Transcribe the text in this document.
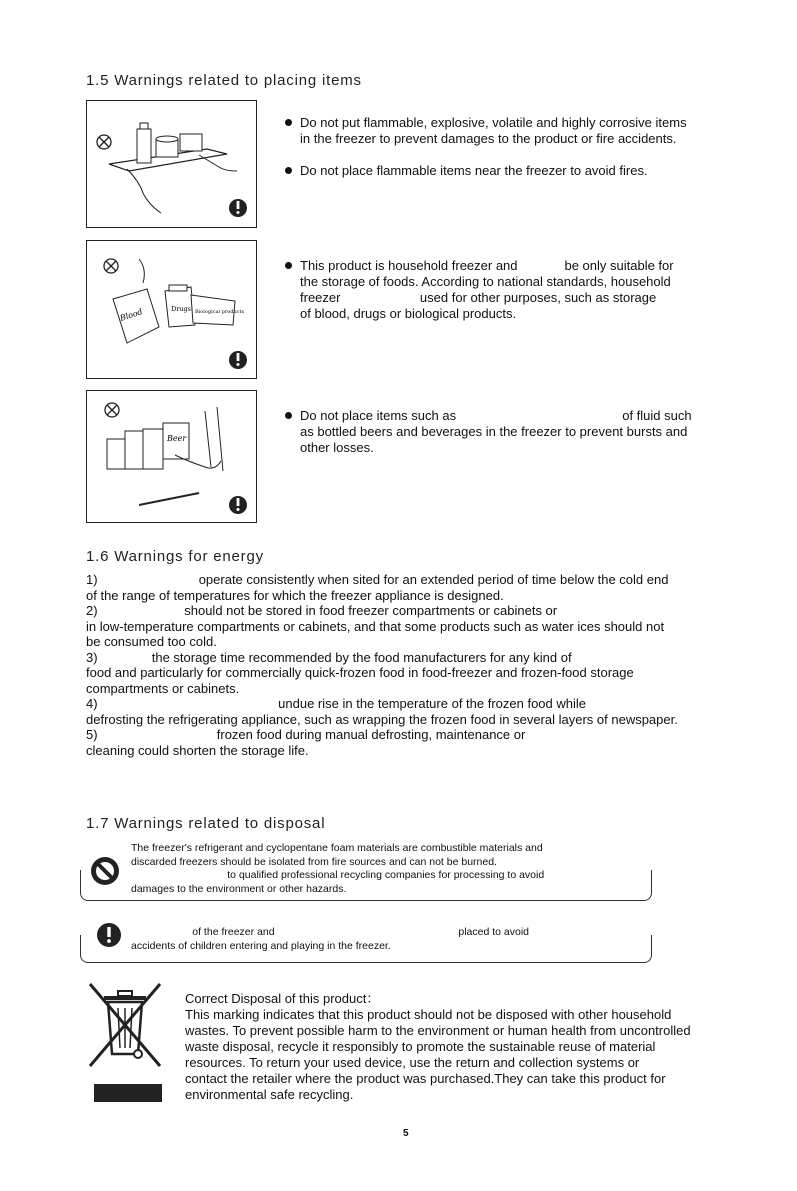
1.5 Warnings related to placing items
Do not put flammable, explosive, volatile and highly corrosive items
in the freezer to prevent damages to the product or fire accidents.
Do not place flammable items near the freezer to avoid fires.
Blood	Drugs Biological products
This product is household freezer and             be only suitable for
the storage of foods. According to national standards, household
freezer                      used for other purposes, such as storage
of blood, drugs or biological products.
Beer
Do not place items such as                                              of fluid such
as bottled beers and beverages in the freezer to prevent bursts and
other losses.
1.6 Warnings for energy
1)                            operate consistently when sited for an extended period of time below the cold end
of the range of temperatures for which the freezer appliance is designed.
2)                        should not be stored in food freezer compartments or cabinets or
in low-temperature compartments or cabinets, and that some products such as water ices should not
be consumed too cold.
3)               the storage time recommended by the food manufacturers for any kind of
food and particularly for commercially quick-frozen food in food-freezer and frozen-food storage
compartments or cabinets.
4)                                                  undue rise in the temperature of the frozen food while
defrosting the refrigerating appliance, such as wrapping the frozen food in several layers of newspaper.
5)                                 frozen food during manual defrosting, maintenance or
cleaning could shorten the storage life.
1.7 Warnings related to disposal
The freezer's refrigerant and cyclopentane foam materials are combustible materials and
discarded freezers should be isolated from fire sources and can not be burned.
to qualified professional recycling companies for processing to avoid
damages to the environment or other hazards.
of the freezer and                                                               placed to avoid
accidents of children entering and playing in the freezer.
Correct Disposal of this product：
This marking indicates that this product should not be disposed with other household
wastes. To prevent possible harm to the environment or human health from uncontrolled
waste disposal, recycle it responsibly to promote the sustainable reuse of material
resources. To return your used device, use the return and collection systems or
contact the retailer where the product was purchased.They can take this product for
environmental safe recycling.
5
